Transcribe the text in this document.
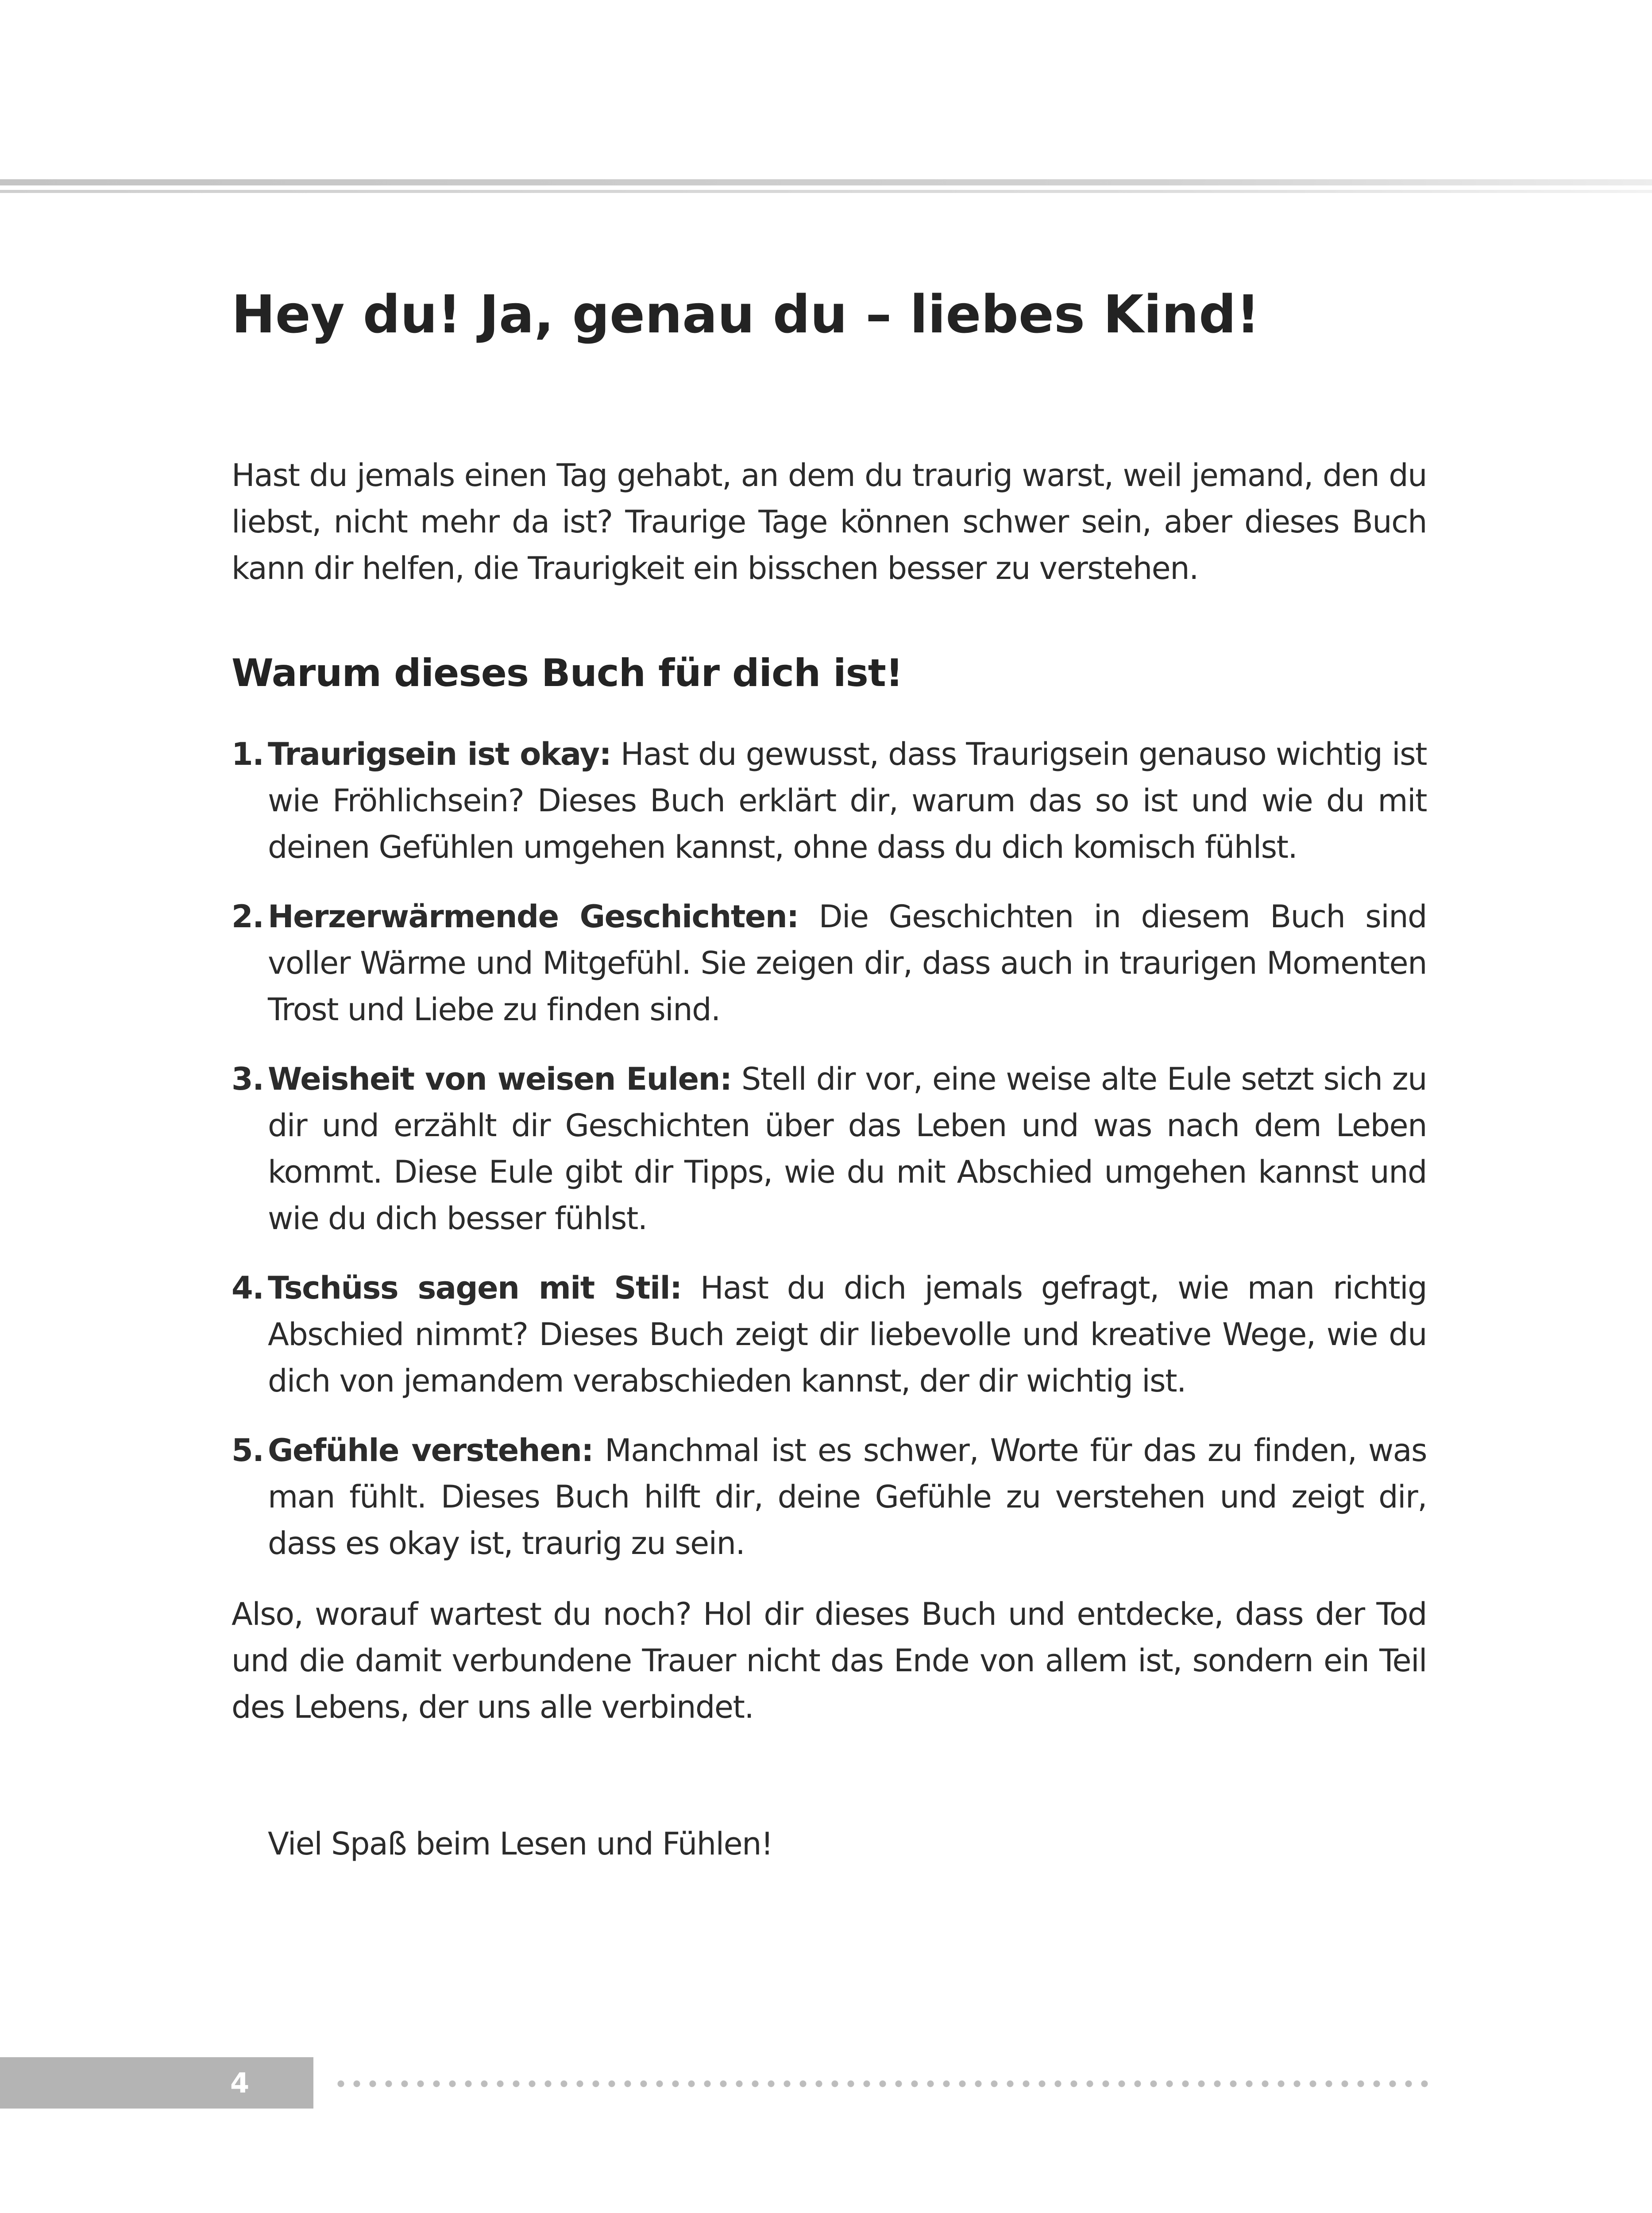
Hey du! Ja, genau du – liebes Kind!

Hast du jemals einen Tag gehabt, an dem du traurig warst, weil jemand, den du liebst, nicht mehr da ist? Traurige Tage können schwer sein, aber dieses Buch kann dir helfen, die Traurigkeit ein bisschen besser zu verstehen.

Warum dieses Buch für dich ist!
1. Traurigsein ist okay: Hast du gewusst, dass Traurigsein genauso wichtig ist wie Fröhlichsein? Dieses Buch erklärt dir, warum das so ist und wie du mit deinen Gefühlen umgehen kannst, ohne dass du dich komisch fühlst.
2. Herzerwärmende Geschichten: Die Geschichten in diesem Buch sind voller Wärme und Mitgefühl. Sie zeigen dir, dass auch in traurigen Momenten Trost und Liebe zu finden sind.
3. Weisheit von weisen Eulen: Stell dir vor, eine weise alte Eule setzt sich zu dir und erzählt dir Geschichten über das Leben und was nach dem Leben kommt. Diese Eule gibt dir Tipps, wie du mit Abschied umgehen kannst und wie du dich besser fühlst.
4. Tschüss sagen mit Stil: Hast du dich jemals gefragt, wie man richtig Abschied nimmt? Dieses Buch zeigt dir liebevolle und kreative Wege, wie du dich von jemandem verabschieden kannst, der dir wichtig ist.
5. Gefühle verstehen: Manchmal ist es schwer, Worte für das zu finden, was man fühlt. Dieses Buch hilft dir, deine Gefühle zu verstehen und zeigt dir, dass es okay ist, traurig zu sein.

Also, worauf wartest du noch? Hol dir dieses Buch und entdecke, dass der Tod und die damit verbundene Trauer nicht das Ende von allem ist, sondern ein Teil des Lebens, der uns alle verbindet.

Viel Spaß beim Lesen und Fühlen!

4
